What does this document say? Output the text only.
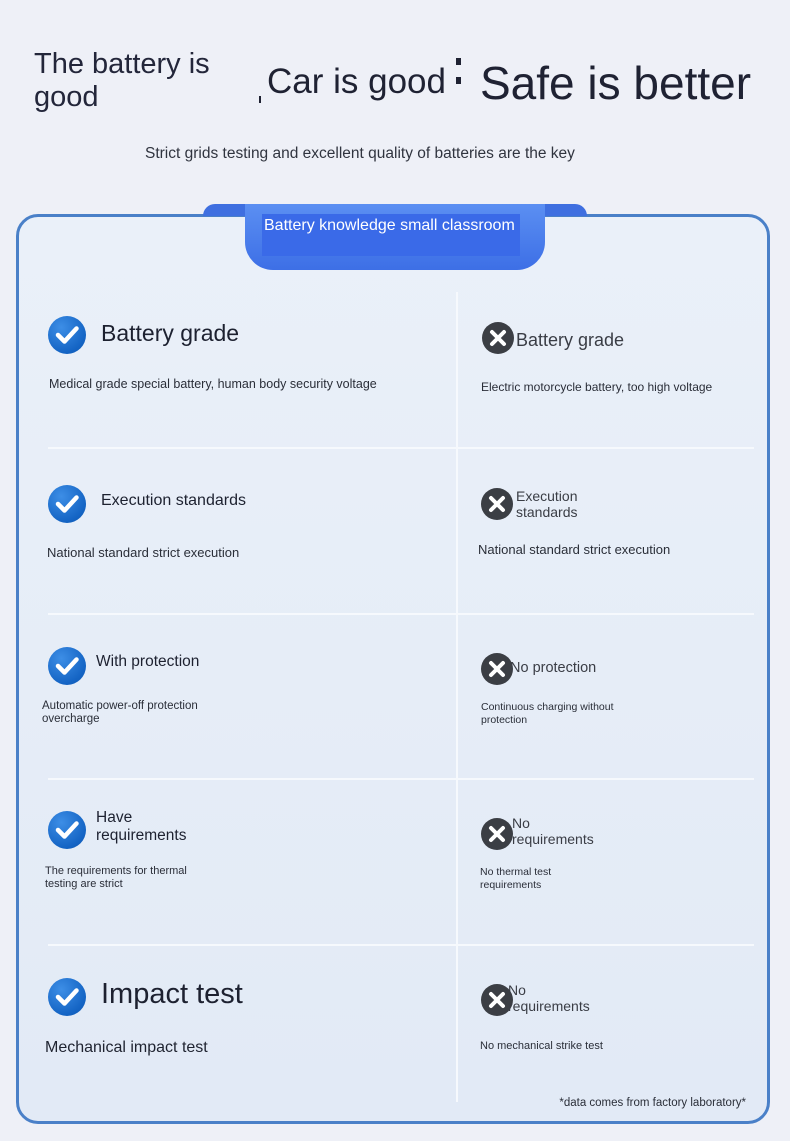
The battery is good	Car is good Safe is better
Strict grids testing and excellent quality of batteries are the key
Battery knowledge small classroom
Battery grade
Medical grade special battery, human body security voltage
Battery grade
Electric motorcycle battery, too high voltage
Execution standards
National standard strict execution
Execution standards
National standard strict execution
With protection
Automatic power-off protection overcharge
No protection
Continuous charging without protection
Have requirements
The requirements for thermal testing are strict
No requirements
No thermal test requirements
Impact test
Mechanical impact test
No requirements
No mechanical strike test
*data comes from factory laboratory*
